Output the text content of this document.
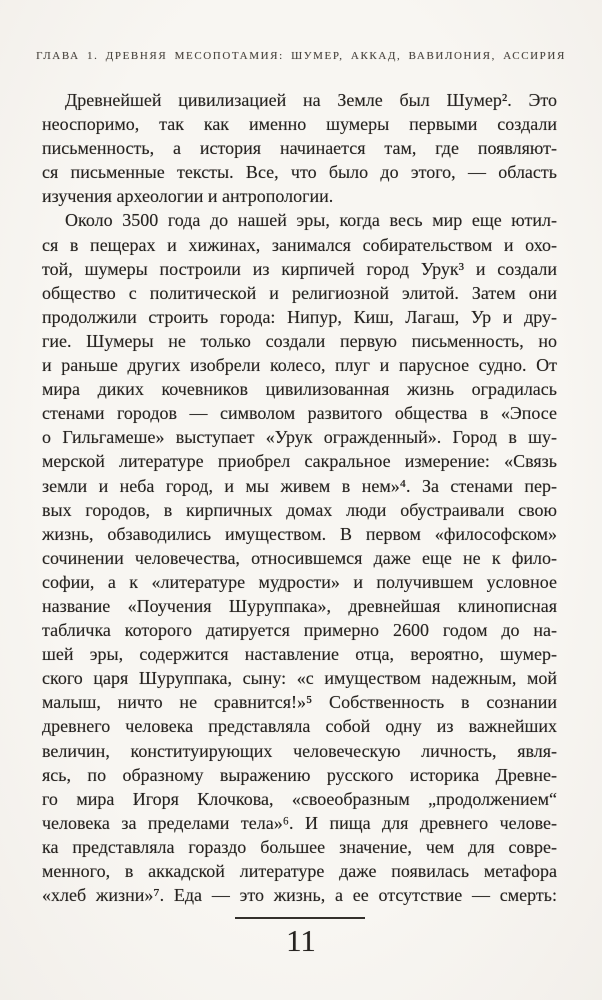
ГЛАВА 1. ДРЕВНЯЯ МЕСОПОТАМИЯ: ШУМЕР, АККАД, ВАВИЛОНИЯ, АССИРИЯ
Древнейшей цивилизацией на Земле был Шумер². Это
неоспоримо, так как именно шумеры первыми создали
письменность, а история начинается там, где появляют-
ся письменные тексты. Все, что было до этого, — область
изучения археологии и антропологии.
Около 3500 года до нашей эры, когда весь мир еще ютил-
ся в пещерах и хижинах, занимался собирательством и охо-
той, шумеры построили из кирпичей город Урук³ и создали
общество с политической и религиозной элитой. Затем они
продолжили строить города: Нипур, Киш, Лагаш, Ур и дру-
гие. Шумеры не только создали первую письменность, но
и раньше других изобрели колесо, плуг и парусное судно. От
мира диких кочевников цивилизованная жизнь оградилась
стенами городов — символом развитого общества в «Эпосе
о Гильгамеше» выступает «Урук огражденный». Город в шу-
мерской литературе приобрел сакральное измерение: «Связь
земли и неба город, и мы живем в нем»⁴. За стенами пер-
вых городов, в кирпичных домах люди обустраивали свою
жизнь, обзаводились имуществом. В первом «философском»
сочинении человечества, относившемся даже еще не к фило-
софии, а к «литературе мудрости» и получившем условное
название «Поучения Шуруппака», древнейшая клинописная
табличка которого датируется примерно 2600 годом до на-
шей эры, содержится наставление отца, вероятно, шумер-
ского царя Шуруппака, сыну: «с имуществом надежным, мой
малыш, ничто не сравнится!»⁵ Собственность в сознании
древнего человека представляла собой одну из важнейших
величин, конституирующих человеческую личность, явля-
ясь, по образному выражению русского историка Древне-
го мира Игоря Клочкова, «своеобразным „продолжением“
человека за пределами тела»⁶. И пища для древнего челове-
ка представляла гораздо большее значение, чем для совре-
менного, в аккадской литературе даже появилась метафора
«хлеб жизни»⁷. Еда — это жизнь, а ее отсутствие — смерть:
11
